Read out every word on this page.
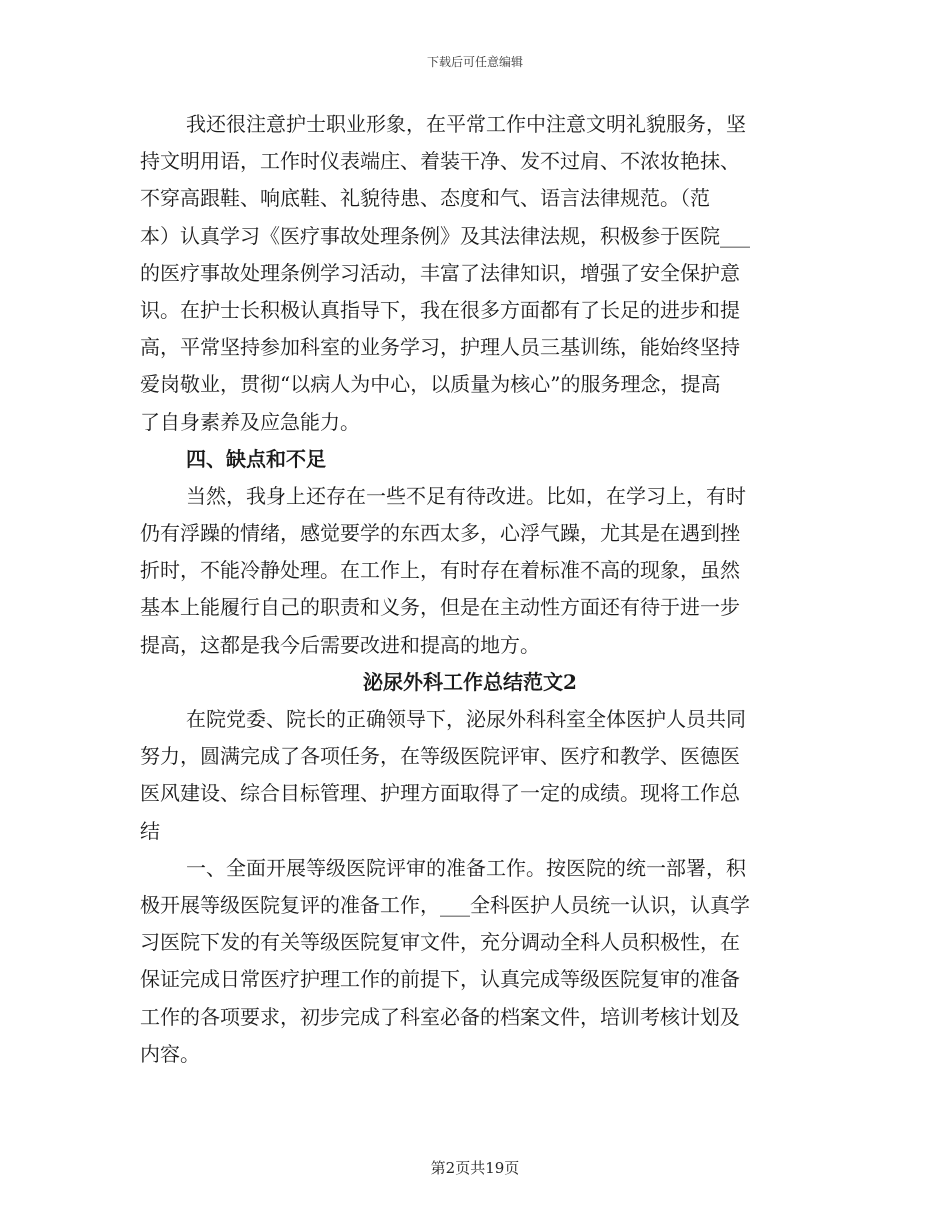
下载后可任意编辑
我还很注意护士职业形象，在平常工作中注意文明礼貌服务，坚
持文明用语，工作时仪表端庄、着装干净、发不过肩、不浓妆艳抹、
不穿高跟鞋、响底鞋、礼貌待患、态度和气、语言法律规范。（范
本）认真学习《医疗事故处理条例》及其法律法规，积极参于医院___
的医疗事故处理条例学习活动，丰富了法律知识，增强了安全保护意
识。在护士长积极认真指导下，我在很多方面都有了长足的进步和提
高，平常坚持参加科室的业务学习，护理人员三基训练，能始终坚持
爱岗敬业，贯彻“以病人为中心，以质量为核心”的服务理念，提高
了自身素养及应急能力。
四、缺点和不足
当然，我身上还存在一些不足有待改进。比如，在学习上，有时
仍有浮躁的情绪，感觉要学的东西太多，心浮气躁，尤其是在遇到挫
折时，不能冷静处理。在工作上，有时存在着标准不高的现象，虽然
基本上能履行自己的职责和义务，但是在主动性方面还有待于进一步
提高，这都是我今后需要改进和提高的地方。
泌尿外科工作总结范文2
在院党委、院长的正确领导下，泌尿外科科室全体医护人员共同
努力，圆满完成了各项任务，在等级医院评审、医疗和教学、医德医
医风建设、综合目标管理、护理方面取得了一定的成绩。现将工作总
结
一、全面开展等级医院评审的准备工作。按医院的统一部署，积
极开展等级医院复评的准备工作，___全科医护人员统一认识，认真学
习医院下发的有关等级医院复审文件，充分调动全科人员积极性，在
保证完成日常医疗护理工作的前提下，认真完成等级医院复审的准备
工作的各项要求，初步完成了科室必备的档案文件，培训考核计划及
内容。
第2页共19页
